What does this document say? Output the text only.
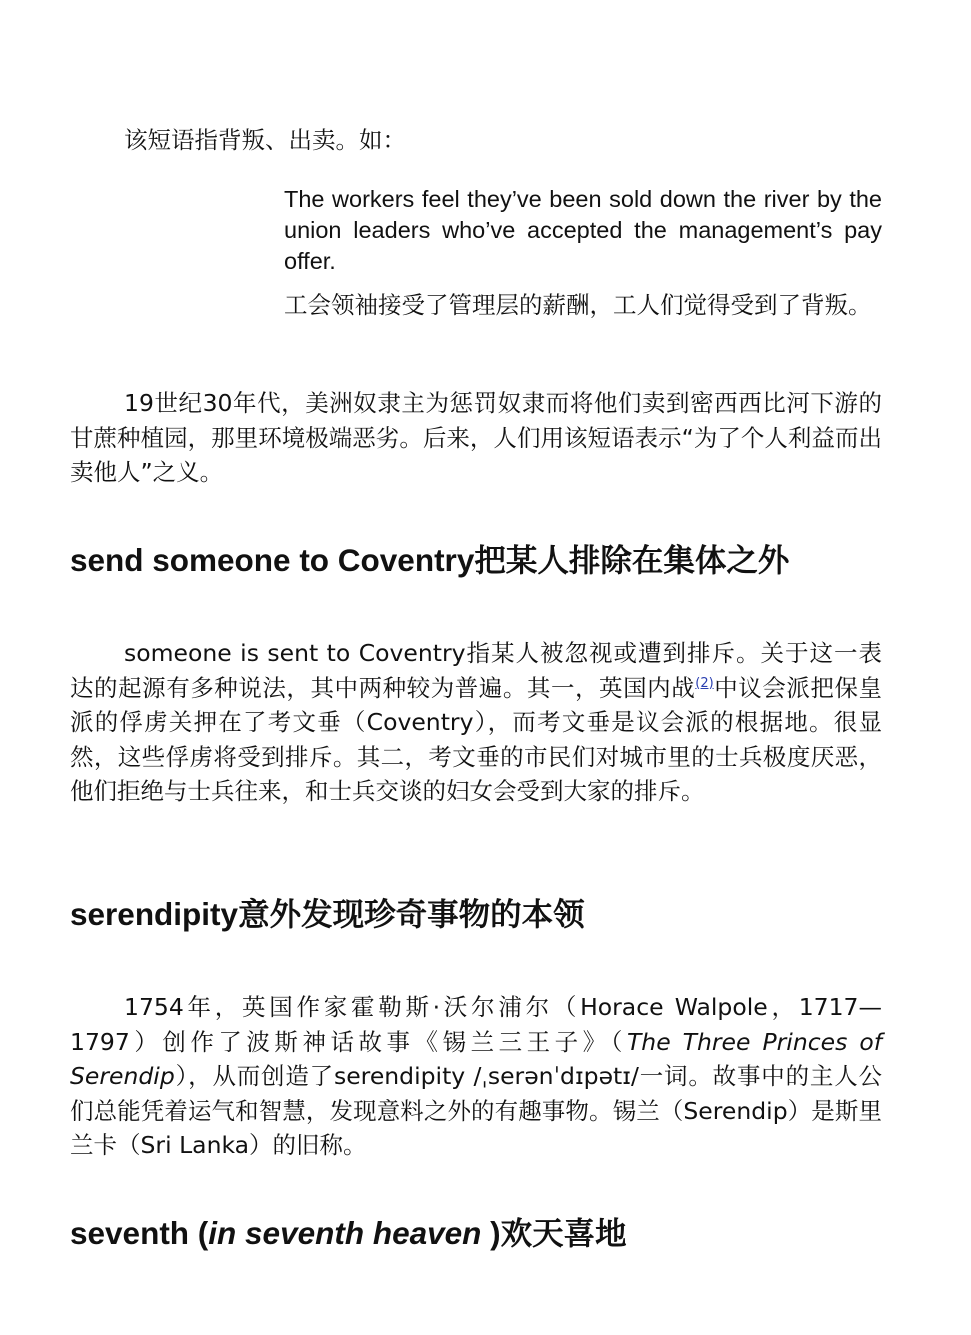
该短语指背叛、出卖。如：

The workers feel they’ve been sold down the river by the union leaders who’ve accepted the management’s pay offer.

工会领袖接受了管理层的薪酬，工人们觉得受到了背叛。

19世纪30年代，美洲奴隶主为惩罚奴隶而将他们卖到密西西比河下游的甘蔗种植园，那里环境极端恶劣。后来，人们用该短语表示“为了个人利益而出卖他人”之义。

send someone to Coventry把某人排除在集体之外

someone is sent to Coventry指某人被忽视或遭到排斥。关于这一表达的起源有多种说法，其中两种较为普遍。其一，英国内战$^{(2)}$中议会派把保皇派的俘虏关押在了考文垂（Coventry），而考文垂是议会派的根据地。很显然，这些俘虏将受到排斥。其二，考文垂的市民们对城市里的士兵极度厌恶，他们拒绝与士兵往来，和士兵交谈的妇女会受到大家的排斥。

serendipity意外发现珍奇事物的本领

1754年，英国作家霍勒斯·沃尔浦尔（Horace Walpole，1717—1797）创作了波斯神话故事《锡兰三王子》（The Three Princes of Serendip），从而创造了serendipity /ˌserənˈdɪpətɪ/一词。故事中的主人公们总能凭着运气和智慧，发现意料之外的有趣事物。锡兰（Serendip）是斯里兰卡（Sri Lanka）的旧称。

seventh (in seventh heaven )欢天喜地
